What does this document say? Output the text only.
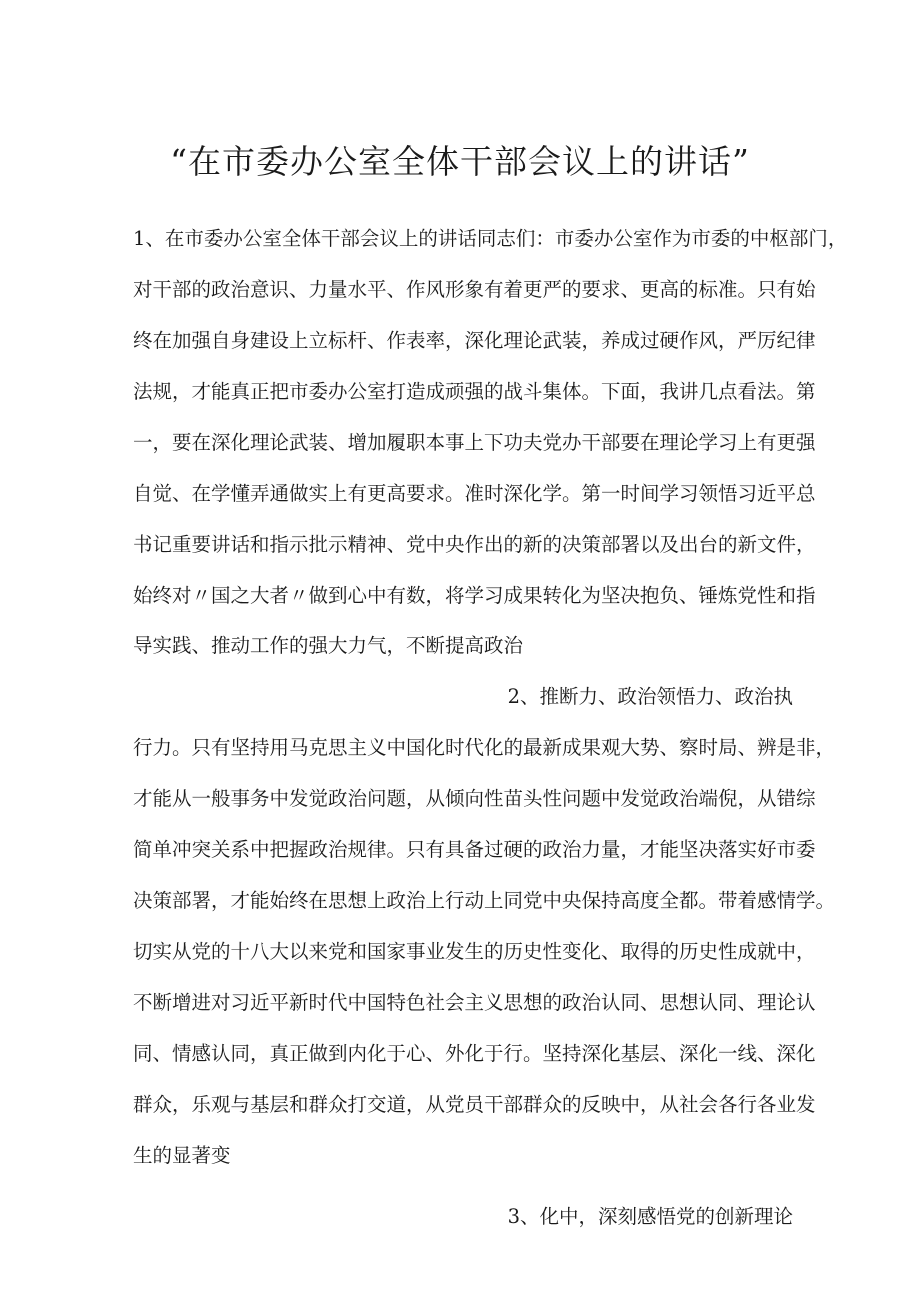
“在市委办公室全体干部会议上的讲话”
1、在市委办公室全体干部会议上的讲话同志们：市委办公室作为市委的中枢部门，
对干部的政治意识、力量水平、作风形象有着更严的要求、更高的标准。只有始
终在加强自身建设上立标杆、作表率，深化理论武装，养成过硬作风，严厉纪律
法规，才能真正把市委办公室打造成顽强的战斗集体。下面，我讲几点看法。第
一，要在深化理论武装、增加履职本事上下功夫党办干部要在理论学习上有更强
自觉、在学懂弄通做实上有更高要求。准时深化学。第一时间学习领悟习近平总
书记重要讲话和指示批示精神、党中央作出的新的决策部署以及出台的新文件，
始终对〃国之大者〃做到心中有数，将学习成果转化为坚决抱负、锤炼党性和指
导实践、推动工作的强大力气，不断提高政治
2、推断力、政治领悟力、政治执
行力。只有坚持用马克思主义中国化时代化的最新成果观大势、察时局、辨是非，
才能从一般事务中发觉政治问题，从倾向性苗头性问题中发觉政治端倪，从错综
简单冲突关系中把握政治规律。只有具备过硬的政治力量，才能坚决落实好市委
决策部署，才能始终在思想上政治上行动上同党中央保持高度全都。带着感情学。
切实从党的十八大以来党和国家事业发生的历史性变化、取得的历史性成就中，
不断增进对习近平新时代中国特色社会主义思想的政治认同、思想认同、理论认
同、情感认同，真正做到内化于心、外化于行。坚持深化基层、深化一线、深化
群众，乐观与基层和群众打交道，从党员干部群众的反映中，从社会各行各业发
生的显著变
3、化中，深刻感悟党的创新理论
